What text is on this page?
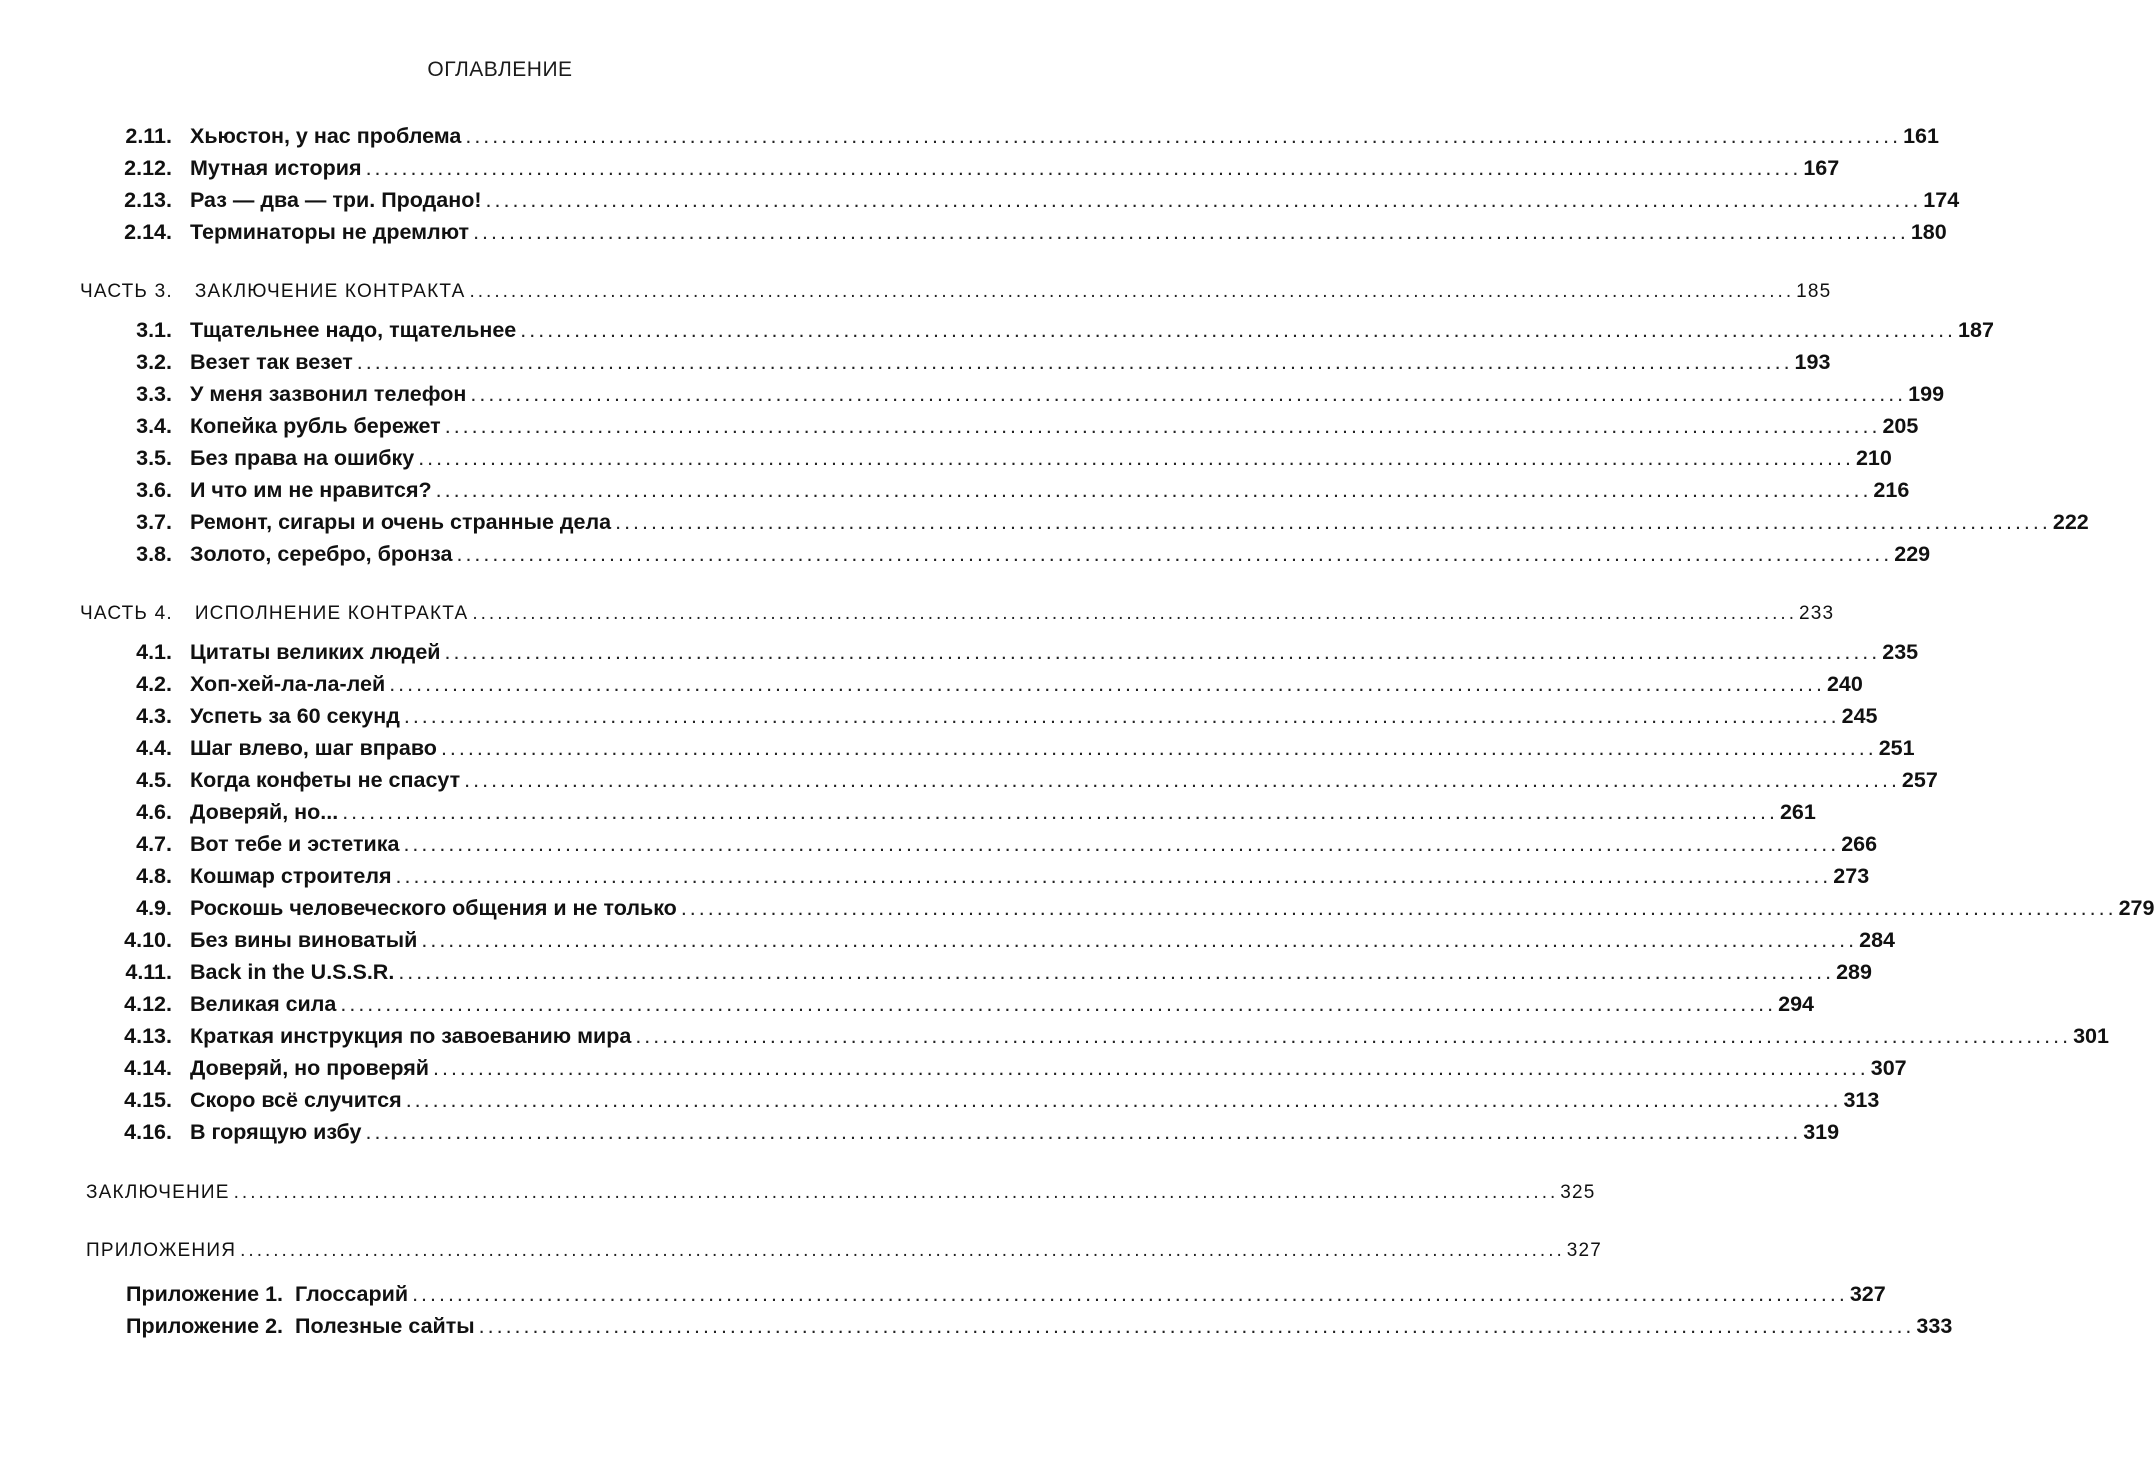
ОГЛАВЛЕНИЕ
2.11. Хьюстон, у нас проблема ................................................................................................................................................................ 161
2.12. Мутная история ................................................................................................................................................................ 167
2.13. Раз — два — три. Продано! ................................................................................................................................................................ 174
2.14. Терминаторы не дремлют ................................................................................................................................................................ 180
ЧАСТЬ 3. ЗАКЛЮЧЕНИЕ КОНТРАКТА ................................................................................................................................................................ 185
3.1. Тщательнее надо, тщательнее ................................................................................................................................................................ 187
3.2. Везет так везет ................................................................................................................................................................ 193
3.3. У меня зазвонил телефон ................................................................................................................................................................ 199
3.4. Копейка рубль бережет ................................................................................................................................................................ 205
3.5. Без права на ошибку ................................................................................................................................................................ 210
3.6. И что им не нравится? ................................................................................................................................................................ 216
3.7. Ремонт, сигары и очень странные дела ................................................................................................................................................................ 222
3.8. Золото, серебро, бронза ................................................................................................................................................................ 229
ЧАСТЬ 4. ИСПОЛНЕНИЕ КОНТРАКТА ................................................................................................................................................................ 233
4.1. Цитаты великих людей ................................................................................................................................................................ 235
4.2. Хоп-хей-ла-ла-лей ................................................................................................................................................................ 240
4.3. Успеть за 60 секунд ................................................................................................................................................................ 245
4.4. Шаг влево, шаг вправо ................................................................................................................................................................ 251
4.5. Когда конфеты не спасут ................................................................................................................................................................ 257
4.6. Доверяй, но... ................................................................................................................................................................ 261
4.7. Вот тебе и эстетика ................................................................................................................................................................ 266
4.8. Кошмар строителя ................................................................................................................................................................ 273
4.9. Роскошь человеческого общения и не только ................................................................................................................................................................ 279
4.10. Без вины виноватый ................................................................................................................................................................ 284
4.11. Back in the U.S.S.R. ................................................................................................................................................................ 289
4.12. Великая сила ................................................................................................................................................................ 294
4.13. Краткая инструкция по завоеванию мира ................................................................................................................................................................ 301
4.14. Доверяй, но проверяй ................................................................................................................................................................ 307
4.15. Скоро всё случится ................................................................................................................................................................ 313
4.16. В горящую избу ................................................................................................................................................................ 319
ЗАКЛЮЧЕНИЕ ................................................................................................................................................................ 325
ПРИЛОЖЕНИЯ ................................................................................................................................................................ 327
Приложение 1. Глоссарий ................................................................................................................................................................ 327
Приложение 2. Полезные сайты ................................................................................................................................................................ 333
